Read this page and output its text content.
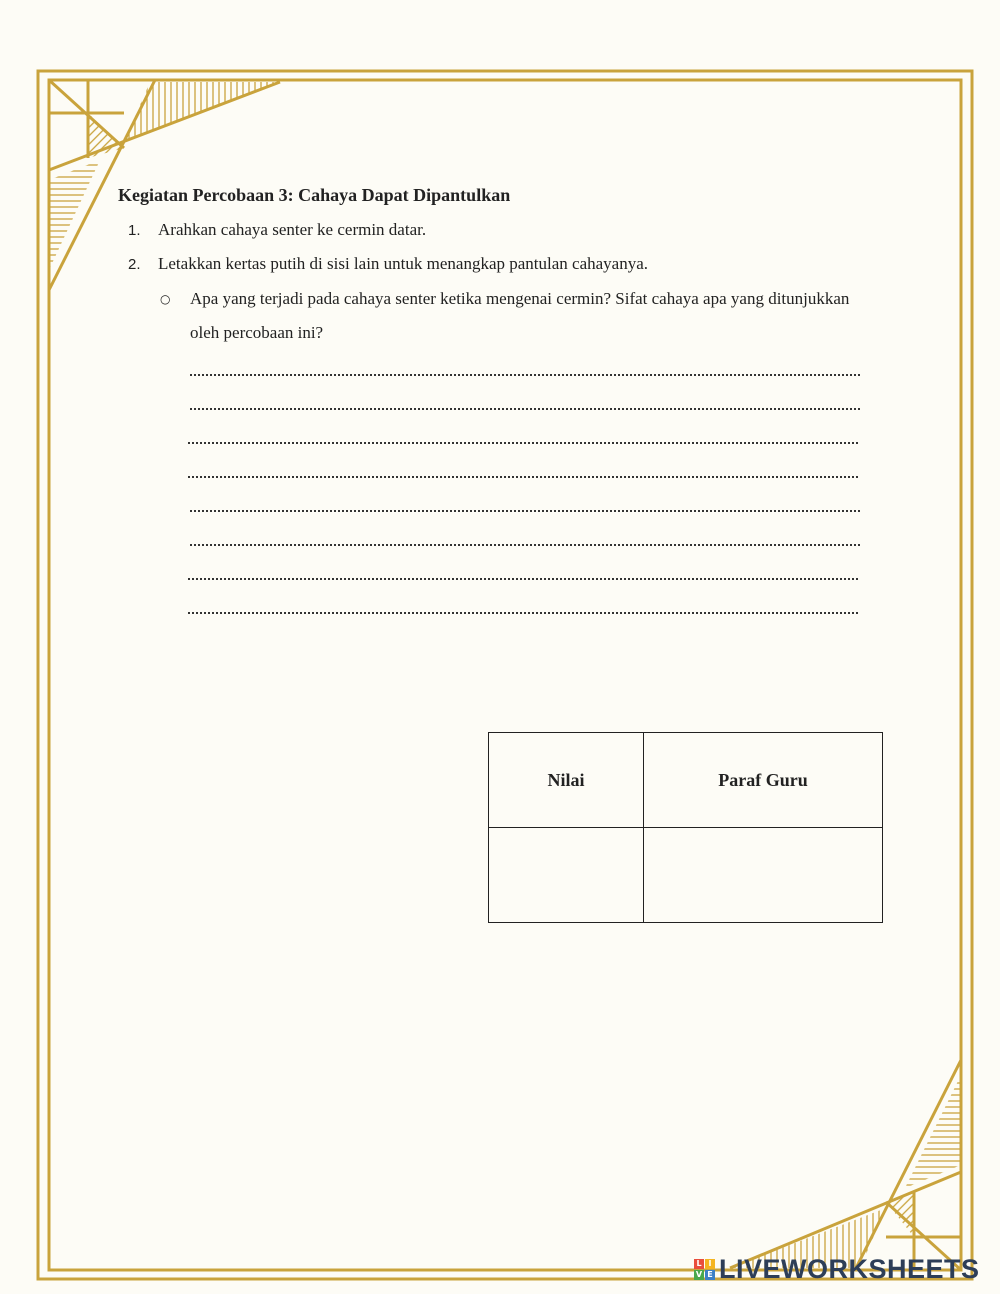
Kegiatan Percobaan 3: Cahaya Dapat Dipantulkan
1. Arahkan cahaya senter ke cermin datar.
2. Letakkan kertas putih di sisi lain untuk menangkap pantulan cahayanya.
○ Apa yang terjadi pada cahaya senter ketika mengenai cermin? Sifat cahaya apa yang ditunjukkan oleh percobaan ini?
Nilai	Paraf Guru

L I
V E LIVEWORKSHEETS
